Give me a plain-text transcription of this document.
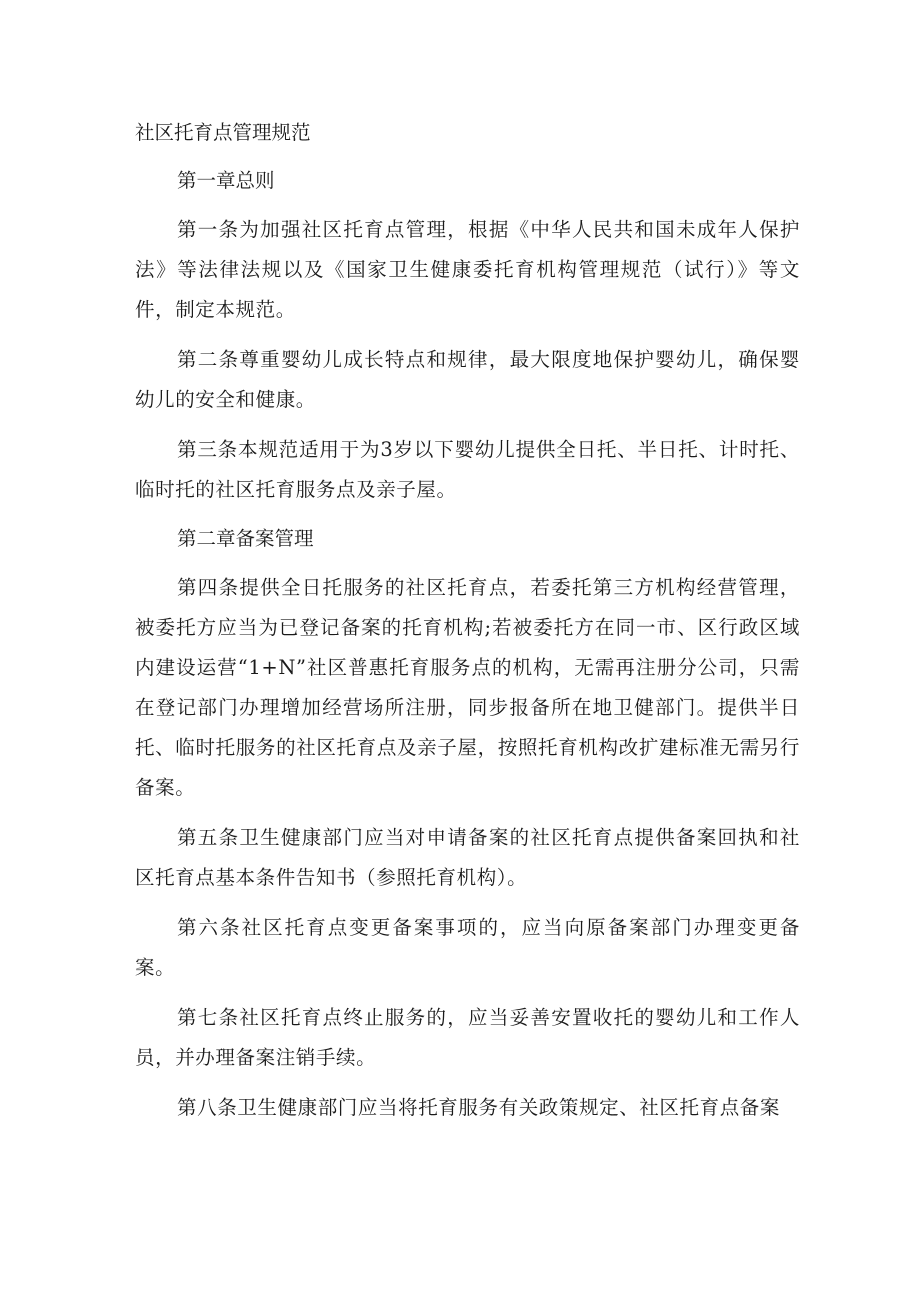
社区托育点管理规范

第一章总则

第一条为加强社区托育点管理，根据《中华人民共和国未成年人保护法》等法律法规以及《国家卫生健康委托育机构管理规范（试行）》等文件，制定本规范。

第二条尊重婴幼儿成长特点和规律，最大限度地保护婴幼儿，确保婴幼儿的安全和健康。

第三条本规范适用于为3岁以下婴幼儿提供全日托、半日托、计时托、临时托的社区托育服务点及亲子屋。

第二章备案管理

第四条提供全日托服务的社区托育点，若委托第三方机构经营管理，被委托方应当为已登记备案的托育机构;若被委托方在同一市、区行政区域内建设运营“1+N”社区普惠托育服务点的机构，无需再注册分公司，只需在登记部门办理增加经营场所注册，同步报备所在地卫健部门。提供半日托、临时托服务的社区托育点及亲子屋，按照托育机构改扩建标准无需另行备案。

第五条卫生健康部门应当对申请备案的社区托育点提供备案回执和社区托育点基本条件告知书（参照托育机构）。

第六条社区托育点变更备案事项的，应当向原备案部门办理变更备案。

第七条社区托育点终止服务的，应当妥善安置收托的婴幼儿和工作人员，并办理备案注销手续。

第八条卫生健康部门应当将托育服务有关政策规定、社区托育点备案
